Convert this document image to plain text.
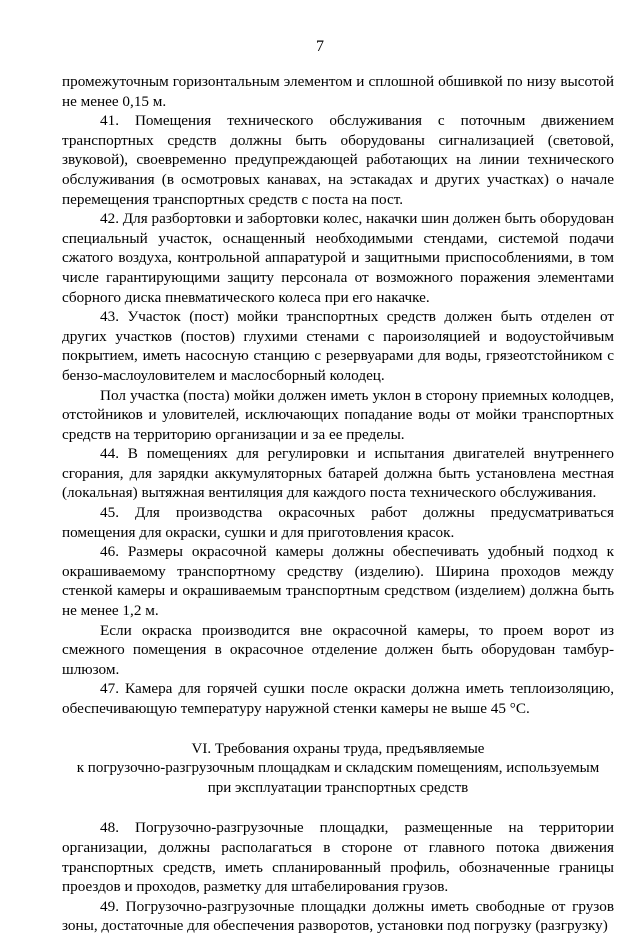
7

промежуточным горизонтальным элементом и сплошной обшивкой по низу высотой не менее 0,15 м.

41. Помещения технического обслуживания с поточным движением транспортных средств должны быть оборудованы сигнализацией (световой, звуковой), своевременно предупреждающей работающих на линии технического обслуживания (в осмотровых канавах, на эстакадах и других участках) о начале перемещения транспортных средств с поста на пост.

42. Для разбортовки и забортовки колес, накачки шин должен быть оборудован специальный участок, оснащенный необходимыми стендами, системой подачи сжатого воздуха, контрольной аппаратурой и защитными приспособлениями, в том числе гарантирующими защиту персонала от возможного поражения элементами сборного диска пневматического колеса при его накачке.

43. Участок (пост) мойки транспортных средств должен быть отделен от других участков (постов) глухими стенами с пароизоляцией и водоустойчивым покрытием, иметь насосную станцию с резервуарами для воды, грязеотстойником с бензо-маслоуловителем и маслосборный колодец.

Пол участка (поста) мойки должен иметь уклон в сторону приемных колодцев, отстойников и уловителей, исключающих попадание воды от мойки транспортных средств на территорию организации и за ее пределы.

44. В помещениях для регулировки и испытания двигателей внутреннего сгорания, для зарядки аккумуляторных батарей должна быть установлена местная (локальная) вытяжная вентиляция для каждого поста технического обслуживания.

45. Для производства окрасочных работ должны предусматриваться помещения для окраски, сушки и для приготовления красок.

46. Размеры окрасочной камеры должны обеспечивать удобный подход к окрашиваемому транспортному средству (изделию). Ширина проходов между стенкой камеры и окрашиваемым транспортным средством (изделием) должна быть не менее 1,2 м.

Если окраска производится вне окрасочной камеры, то проем ворот из смежного помещения в окрасочное отделение должен быть оборудован тамбур-шлюзом.

47. Камера для горячей сушки после окраски должна иметь теплоизоляцию, обеспечивающую температуру наружной стенки камеры не выше 45 °C.

VI. Требования охраны труда, предъявляемые
к погрузочно-разгрузочным площадкам и складским помещениям, используемым
при эксплуатации транспортных средств

48. Погрузочно-разгрузочные площадки, размещенные на территории организации, должны располагаться в стороне от главного потока движения транспортных средств, иметь спланированный профиль, обозначенные границы проездов и проходов, разметку для штабелирования грузов.

49. Погрузочно-разгрузочные площадки должны иметь свободные от грузов зоны, достаточные для обеспечения разворотов, установки под погрузку (разгрузку)
